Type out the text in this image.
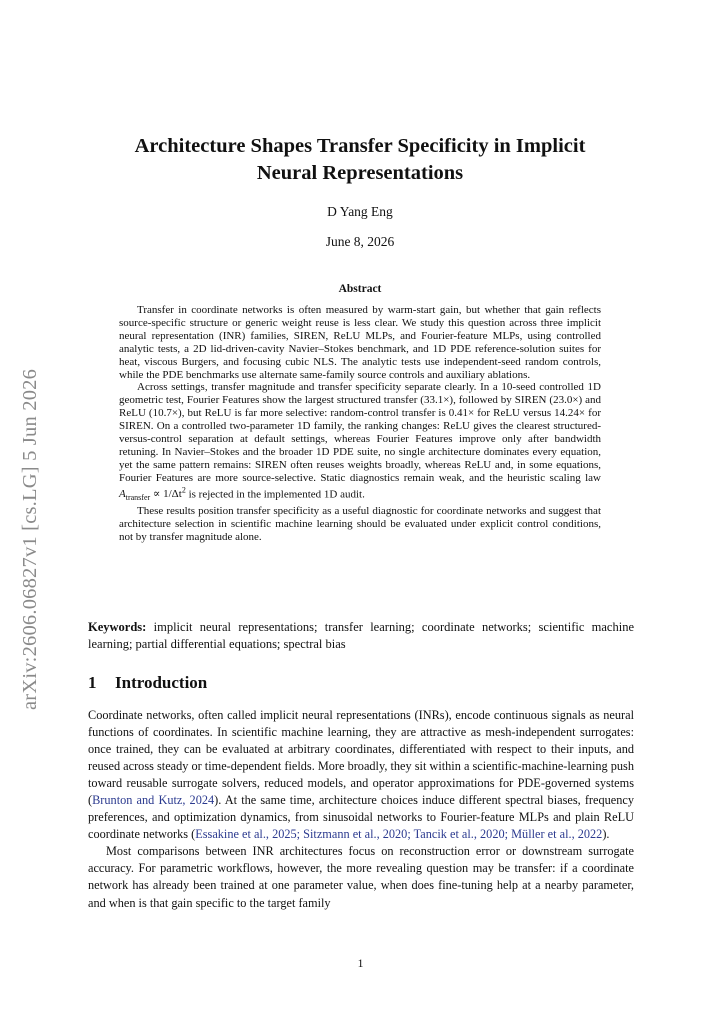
arXiv:2606.06827v1 [cs.LG] 5 Jun 2026
Architecture Shapes Transfer Specificity in Implicit
Neural Representations
D Yang Eng
June 8, 2026
Abstract

Transfer in coordinate networks is often measured by warm-start gain, but whether that gain reflects source-specific structure or generic weight reuse is less clear. We study this question across three implicit neural representation (INR) families, SIREN, ReLU MLPs, and Fourier-feature MLPs, using controlled analytic tests, a 2D lid-driven-cavity Navier–Stokes benchmark, and 1D PDE reference-solution suites for heat, viscous Burgers, and focusing cubic NLS. The analytic tests use independent-seed random controls, while the PDE benchmarks use alternate same-family source controls and auxiliary ablations.

Across settings, transfer magnitude and transfer specificity separate clearly. In a 10-seed controlled 1D geometric test, Fourier Features show the largest structured transfer (33.1×), followed by SIREN (23.0×) and ReLU (10.7×), but ReLU is far more selective: random-control transfer is 0.41× for ReLU versus 14.24× for SIREN. On a controlled two-parameter 1D family, the ranking changes: ReLU gives the clearest structured-versus-control separation at default settings, whereas Fourier Features improve only after bandwidth retuning. In Navier–Stokes and the broader 1D PDE suite, no single architecture dominates every equation, yet the same pattern remains: SIREN often reuses weights broadly, whereas ReLU and, in some equations, Fourier Features are more source-selective. Static diagnostics remain weak, and the heuristic scaling law $A_{transfer} \propto 1/\Delta t^2$ is rejected in the implemented 1D audit.

These results position transfer specificity as a useful diagnostic for coordinate networks and suggest that architecture selection in scientific machine learning should be evaluated under explicit control conditions, not by transfer magnitude alone.

Keywords: implicit neural representations; transfer learning; coordinate networks; scientific machine learning; partial differential equations; spectral bias
1 Introduction

Coordinate networks, often called implicit neural representations (INRs), encode continuous signals as neural functions of coordinates. In scientific machine learning, they are attractive as mesh-independent surrogates: once trained, they can be evaluated at arbitrary coordinates, differentiated with respect to their inputs, and reused across steady or time-dependent fields. More broadly, they sit within a scientific-machine-learning push toward reusable surrogate solvers, reduced models, and operator approximations for PDE-governed systems (Brunton and Kutz, 2024). At the same time, architecture choices induce different spectral biases, frequency preferences, and optimization dynamics, from sinusoidal networks to Fourier-feature MLPs and plain ReLU coordinate networks (Essakine et al., 2025; Sitzmann et al., 2020; Tancik et al., 2020; Müller et al., 2022).

Most comparisons between INR architectures focus on reconstruction error or downstream surrogate accuracy. For parametric workflows, however, the more revealing question may be transfer: if a coordinate network has already been trained at one parameter value, when does fine-tuning help at a nearby parameter, and when is that gain specific to the target family

1
